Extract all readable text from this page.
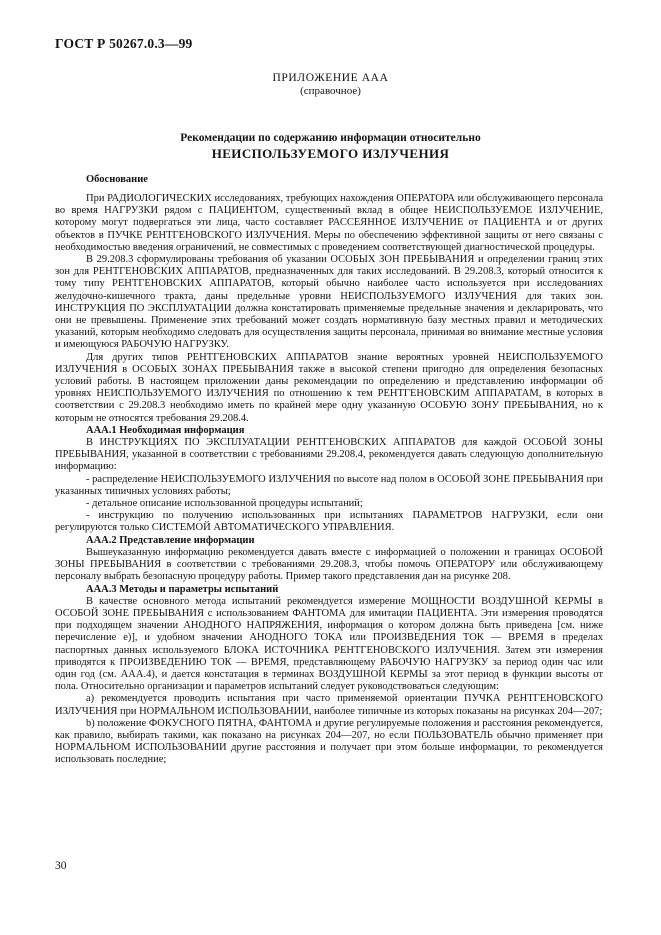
ГОСТ Р 50267.0.3—99
ПРИЛОЖЕНИЕ ААА
(справочное)
Рекомендации по содержанию информации относительно
НЕИСПОЛЬЗУЕМОГО ИЗЛУЧЕНИЯ
Обоснование

При РАДИОЛОГИЧЕСКИХ исследованиях, требующих нахождения ОПЕРАТОРА или обслуживающего персонала во время НАГРУЗКИ рядом с ПАЦИЕНТОМ, существенный вклад в общее НЕИСПОЛЬЗУЕМОЕ ИЗЛУЧЕНИЕ, которому могут подвергаться эти лица, часто составляет РАССЕЯННОЕ ИЗЛУЧЕНИЕ от ПАЦИЕНТА и от других объектов в ПУЧКЕ РЕНТГЕНОВСКОГО ИЗЛУЧЕНИЯ. Меры по обеспечению эффективной защиты от него связаны с необходимостью введения ограничений, не совместимых с проведением соответствующей диагностической процедуры.

В 29.208.3 сформулированы требования об указании ОСОБЫХ ЗОН ПРЕБЫВАНИЯ и определении границ этих зон для РЕНТГЕНОВСКИХ АППАРАТОВ, предназначенных для таких исследований. В 29.208.3, который относится к тому типу РЕНТГЕНОВСКИХ АППАРАТОВ, который обычно наиболее часто используется при исследованиях желудочно-кишечного тракта, даны предельные уровни НЕИСПОЛЬЗУЕМОГО ИЗЛУЧЕНИЯ для таких зон. ИНСТРУКЦИЯ ПО ЭКСПЛУАТАЦИИ должна констатировать применяемые предельные значения и декларировать, что они не превышены. Применение этих требований может создать нормативную базу местных правил и методических указаний, которым необходимо следовать для осуществления защиты персонала, принимая во внимание местные условия и имеющуюся РАБОЧУЮ НАГРУЗКУ.

Для других типов РЕНТГЕНОВСКИХ АППАРАТОВ знание вероятных уровней НЕИСПОЛЬЗУЕМОГО ИЗЛУЧЕНИЯ в ОСОБЫХ ЗОНАХ ПРЕБЫВАНИЯ также в высокой степени пригодно для определения безопасных условий работы. В настоящем приложении даны рекомендации по определению и представлению информации об уровнях НЕИСПОЛЬЗУЕМОГО ИЗЛУЧЕНИЯ по отношению к тем РЕНТГЕНОВСКИМ АППАРАТАМ, в которых в соответствии с 29.208.3 необходимо иметь по крайней мере одну указанную ОСОБУЮ ЗОНУ ПРЕБЫВАНИЯ, но к которым не относятся требования 29.208.4.

ААА.1 Необходимая информация

В ИНСТРУКЦИЯХ ПО ЭКСПЛУАТАЦИИ РЕНТГЕНОВСКИХ АППАРАТОВ для каждой ОСОБОЙ ЗОНЫ ПРЕБЫВАНИЯ, указанной в соответствии с требованиями 29.208.4, рекомендуется давать следующую дополнительную информацию:

- распределение НЕИСПОЛЬЗУЕМОГО ИЗЛУЧЕНИЯ по высоте над полом в ОСОБОЙ ЗОНЕ ПРЕБЫВАНИЯ при указанных типичных условиях работы;

- детальное описание использованной процедуры испытаний;

- инструкцию по получению использованных при испытаниях ПАРАМЕТРОВ НАГРУЗКИ, если они регулируются только СИСТЕМОЙ АВТОМАТИЧЕСКОГО УПРАВЛЕНИЯ.

ААА.2 Представление информации

Вышеуказанную информацию рекомендуется давать вместе с информацией о положении и границах ОСОБОЙ ЗОНЫ ПРЕБЫВАНИЯ в соответствии с требованиями 29.208.3, чтобы помочь ОПЕРАТОРУ или обслуживающему персоналу выбрать безопасную процедуру работы. Пример такого представления дан на рисунке 208.

ААА.3 Методы и параметры испытаний

В качестве основного метода испытаний рекомендуется измерение МОЩНОСТИ ВОЗДУШНОЙ КЕРМЫ в ОСОБОЙ ЗОНЕ ПРЕБЫВАНИЯ с использованием ФАНТОМА для имитации ПАЦИЕНТА. Эти измерения проводятся при подходящем значении АНОДНОГО НАПРЯЖЕНИЯ, информация о котором должна быть приведена [см. ниже перечисление е)], и удобном значении АНОДНОГО ТОКА или ПРОИЗВЕДЕНИЯ ТОК — ВРЕМЯ в пределах паспортных данных используемого БЛОКА ИСТОЧНИКА РЕНТГЕНОВСКОГО ИЗЛУЧЕНИЯ. Затем эти измерения приводятся к ПРОИЗВЕДЕНИЮ ТОК — ВРЕМЯ, представляющему РАБОЧУЮ НАГРУЗКУ за период один час или один год (см. ААА.4), и дается констатация в терминах ВОЗДУШНОЙ КЕРМЫ за этот период в функции высоты от пола. Относительно организации и параметров испытаний следует руководствоваться следующим:

а) рекомендуется проводить испытания при часто применяемой ориентации ПУЧКА РЕНТГЕНОВСКОГО ИЗЛУЧЕНИЯ при НОРМАЛЬНОМ ИСПОЛЬЗОВАНИИ, наиболее типичные из которых показаны на рисунках 204—207;

b) положение ФОКУСНОГО ПЯТНА, ФАНТОМА и другие регулируемые положения и расстояния рекомендуется, как правило, выбирать такими, как показано на рисунках 204—207, но если ПОЛЬЗОВАТЕЛЬ обычно применяет при НОРМАЛЬНОМ ИСПОЛЬЗОВАНИИ другие расстояния и получает при этом больше информации, то рекомендуется использовать последние;

30
